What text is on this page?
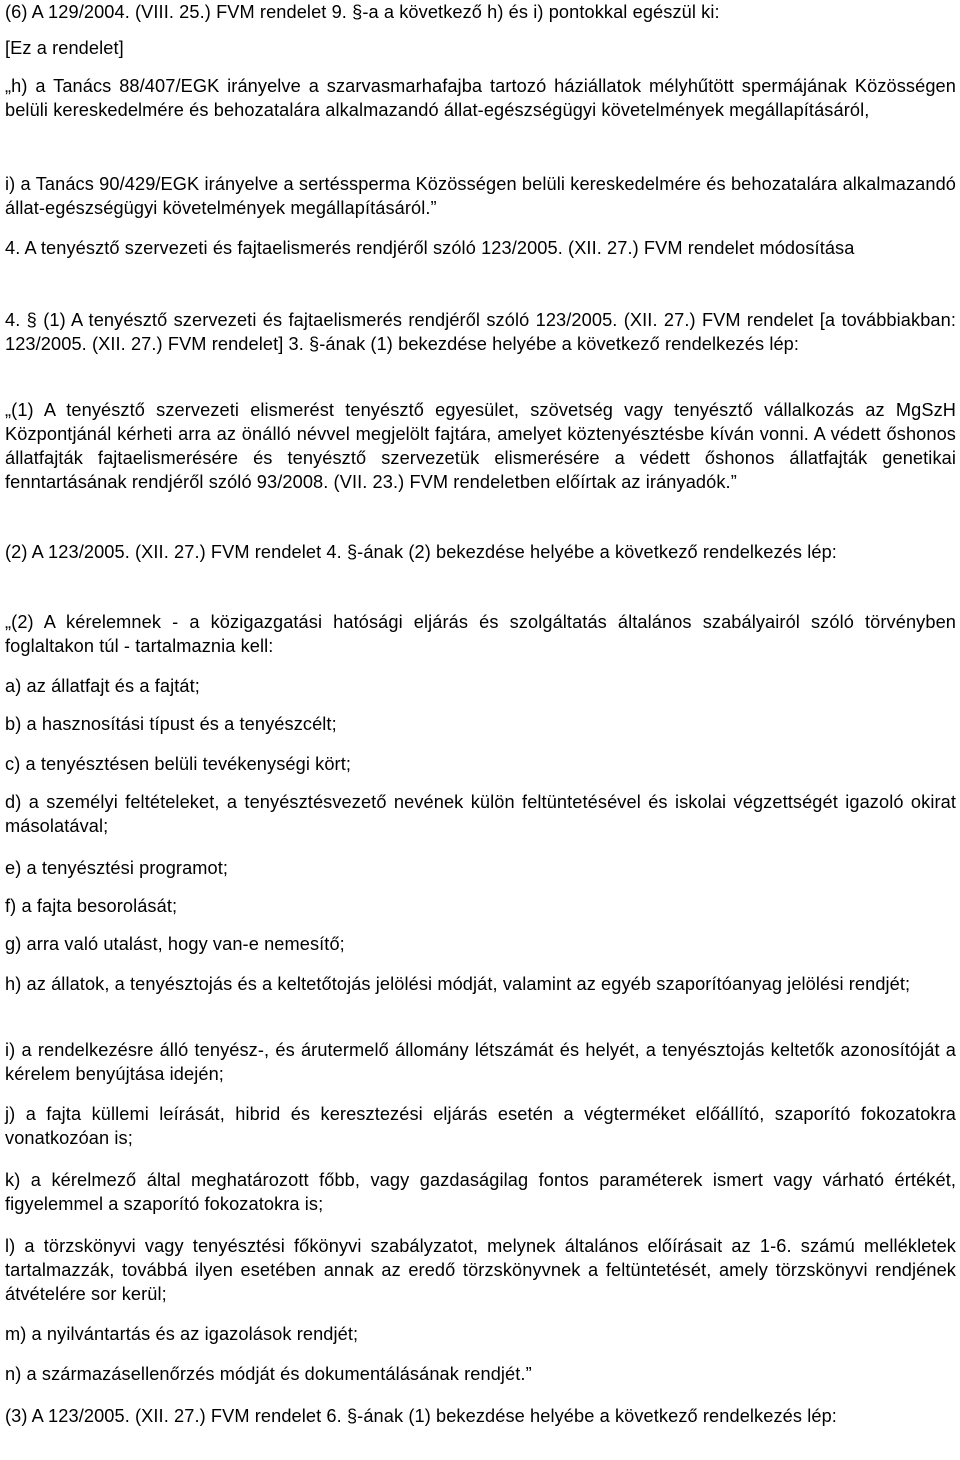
(6) A 129/2004. (VIII. 25.) FVM rendelet 9. §-a a következő h) és i) pontokkal egészül ki:

[Ez a rendelet]

„h) a Tanács 88/407/EGK irányelve a szarvasmarhafajba tartozó háziállatok mélyhűtött spermájának Közösségen belüli kereskedelmére és behozatalára alkalmazandó állat-egészségügyi követelmények megállapításáról,

i) a Tanács 90/429/EGK irányelve a sertéssperma Közösségen belüli kereskedelmére és behozatalára alkalmazandó állat-egészségügyi követelmények megállapításáról.”

4. A tenyésztő szervezeti és fajtaelismerés rendjéről szóló 123/2005. (XII. 27.) FVM rendelet módosítása

4. § (1) A tenyésztő szervezeti és fajtaelismerés rendjéről szóló 123/2005. (XII. 27.) FVM rendelet [a továbbiakban: 123/2005. (XII. 27.) FVM rendelet] 3. §-ának (1) bekezdése helyébe a következő rendelkezés lép:

„(1) A tenyésztő szervezeti elismerést tenyésztő egyesület, szövetség vagy tenyésztő vállalkozás az MgSzH Központjánál kérheti arra az önálló névvel megjelölt fajtára, amelyet köztenyésztésbe kíván vonni. A védett őshonos állatfajták fajtaelismerésére és tenyésztő szervezetük elismerésére a védett őshonos állatfajták genetikai fenntartásának rendjéről szóló 93/2008. (VII. 23.) FVM rendeletben előírtak az irányadók.”

(2) A 123/2005. (XII. 27.) FVM rendelet 4. §-ának (2) bekezdése helyébe a következő rendelkezés lép:

„(2) A kérelemnek - a közigazgatási hatósági eljárás és szolgáltatás általános szabályairól szóló törvényben foglaltakon túl - tartalmaznia kell:

a) az állatfajt és a fajtát;

b) a hasznosítási típust és a tenyészcélt;

c) a tenyésztésen belüli tevékenységi kört;

d) a személyi feltételeket, a tenyésztésvezető nevének külön feltüntetésével és iskolai végzettségét igazoló okirat másolatával;

e) a tenyésztési programot;

f) a fajta besorolását;

g) arra való utalást, hogy van-e nemesítő;

h) az állatok, a tenyésztojás és a keltetőtojás jelölési módját, valamint az egyéb szaporítóanyag jelölési rendjét;

i) a rendelkezésre álló tenyész-, és árutermelő állomány létszámát és helyét, a tenyésztojás keltetők azonosítóját a kérelem benyújtása idején;

j) a fajta küllemi leírását, hibrid és keresztezési eljárás esetén a végterméket előállító, szaporító fokozatokra vonatkozóan is;

k) a kérelmező által meghatározott főbb, vagy gazdaságilag fontos paraméterek ismert vagy várható értékét, figyelemmel a szaporító fokozatokra is;

l) a törzskönyvi vagy tenyésztési főkönyvi szabályzatot, melynek általános előírásait az 1-6. számú mellékletek tartalmazzák, továbbá ilyen esetében annak az eredő törzskönyvnek a feltüntetését, amely törzskönyvi rendjének átvételére sor kerül;

m) a nyilvántartás és az igazolások rendjét;

n) a származásellenőrzés módját és dokumentálásának rendjét.”

(3) A 123/2005. (XII. 27.) FVM rendelet 6. §-ának (1) bekezdése helyébe a következő rendelkezés lép:
